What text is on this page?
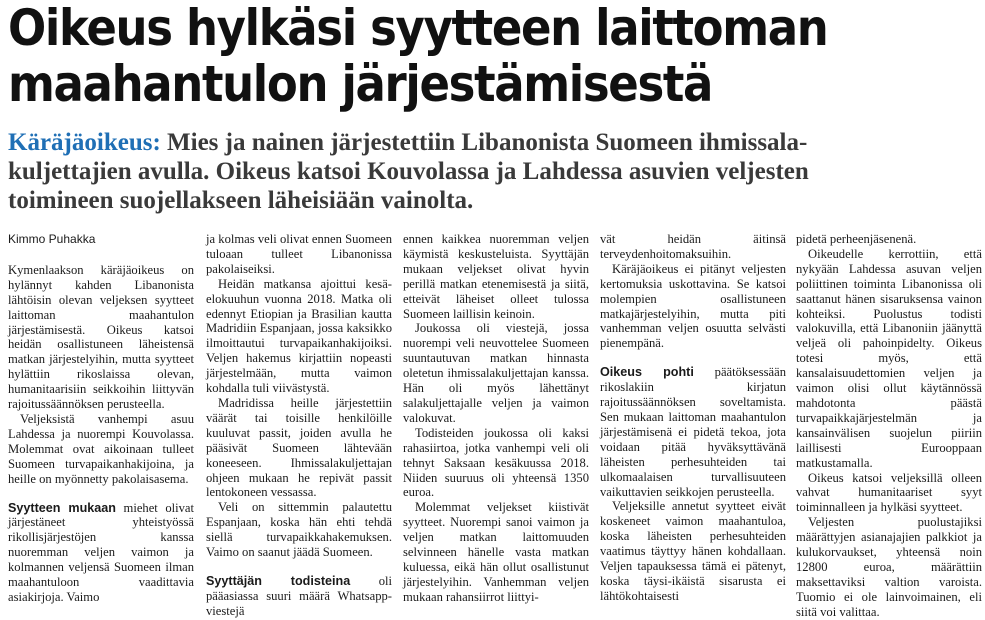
Oikeus hylkäsi syytteen laittoman
maahantulon järjestämisestä
Käräjäoikeus: Mies ja nainen järjestettiin Libanonista Suomeen ihmissala-
kuljettajien avulla. Oikeus katsoi Kouvolassa ja Lahdessa asuvien veljesten
toimineen suojellakseen läheisiään vainolta.

Kimmo Puhakka

Kymenlaakson käräjäoikeus on hylännyt kahden Libanonista lähtöisin olevan veljeksen syytteet laittoman maahantulon järjestämisestä. Oikeus katsoi heidän osallistuneen läheistensä matkan järjestelyihin, mutta syytteet hylättiin rikoslaissa olevan, humanitaarisiin seikkoihin liittyvän rajoitussäännöksen perusteella.

Veljeksistä vanhempi asuu Lahdessa ja nuorempi Kouvolassa. Molemmat ovat aikoinaan tulleet Suomeen turvapaikanhakijoina, ja heille on myönnetty pakolaisasema.

Syytteen mukaan miehet olivat järjestäneet yhteistyössä rikollisjärjestöjen kanssa nuoremman veljen vaimon ja kolmannen veljensä Suomeen ilman maahantuloon vaadittavia asiakirjoja. Vaimo

ja kolmas veli olivat ennen Suomeen tuloaan tulleet Libanonissa pakolaiseiksi.

Heidän matkansa ajoittui kesä-elokuuhun vuonna 2018. Matka oli edennyt Etiopian ja Brasilian kautta Madridiin Espanjaan, jossa kaksikko ilmoittautui turvapaikanhakijoiksi. Veljen hakemus kirjattiin nopeasti järjestelmään, mutta vaimon kohdalla tuli viivästystä.

Madridissa heille järjestettiin väärät tai toisille henkilöille kuuluvat passit, joiden avulla he pääsivät Suomeen lähtevään koneeseen. Ihmissalakuljettajan ohjeen mukaan he repivät passit lentokoneen vessassa.

Veli on sittemmin palautettu Espanjaan, koska hän ehti tehdä siellä turvapaikkahakemuksen. Vaimo on saanut jäädä Suomeen.

Syyttäjän todisteina oli pääasiassa suuri määrä Whatsapp-viestejä

ennen kaikkea nuoremman veljen käymistä keskusteluista. Syyttäjän mukaan veljekset olivat hyvin perillä matkan etenemisestä ja siitä, etteivät läheiset olleet tulossa Suomeen laillisin keinoin.

Joukossa oli viestejä, jossa nuorempi veli neuvottelee Suomeen suuntautuvan matkan hinnasta oletetun ihmissalakuljettajan kanssa. Hän oli myös lähettänyt salakuljettajalle veljen ja vaimon valokuvat.

Todisteiden joukossa oli kaksi rahasiirtoa, jotka vanhempi veli oli tehnyt Saksaan kesäkuussa 2018. Niiden suuruus oli yhteensä 1350 euroa.

Molemmat veljekset kiistivät syytteet. Nuorempi sanoi vaimon ja veljen matkan laittomuuden selvinneen hänelle vasta matkan kuluessa, eikä hän ollut osallistunut järjestelyihin. Vanhemman veljen mukaan rahansiirrot liittyi-

vät heidän äitinsä terveydenhoitomaksuihin.

Käräjäoikeus ei pitänyt veljesten kertomuksia uskottavina. Se katsoi molempien osallistuneen matkajärjestelyihin, mutta piti vanhemman veljen osuutta selvästi pienempänä.

Oikeus pohti päätöksessään rikoslakiin kirjatun rajoitussäännöksen soveltamista. Sen mukaan laittoman maahantulon järjestämisenä ei pidetä tekoa, jota voidaan pitää hyväksyttävänä läheisten perhesuhteiden tai ulkomaalaisen turvallisuuteen vaikuttavien seikkojen perusteella.

Veljeksille annetut syytteet eivät koskeneet vaimon maahantuloa, koska läheisten perhesuhteiden vaatimus täyttyy hänen kohdallaan. Veljen tapauksessa tämä ei pätenyt, koska täysi-ikäistä sisarusta ei lähtökohtaisesti

pidetä perheenjäsenenä.

Oikeudelle kerrottiin, että nykyään Lahdessa asuvan veljen poliittinen toiminta Libanonissa oli saattanut hänen sisaruksensa vainon kohteiksi. Puolustus todisti valokuvilla, että Libanoniin jäänyttä veljeä oli pahoinpidelty. Oikeus totesi myös, että kansalaisuudettomien veljen ja vaimon olisi ollut käytännössä mahdotonta päästä turvapaikkajärjestelmän ja kansainvälisen suojelun piiriin laillisesti Eurooppaan matkustamalla.

Oikeus katsoi veljeksillä olleen vahvat humanitaariset syyt toiminnalleen ja hylkäsi syytteet.

Veljesten puolustajiksi määrättyjen asianajajien palkkiot ja kulukorvaukset, yhteensä noin 12800 euroa, määrättiin maksettaviksi valtion varoista. Tuomio ei ole lainvoimainen, eli siitä voi valittaa.
